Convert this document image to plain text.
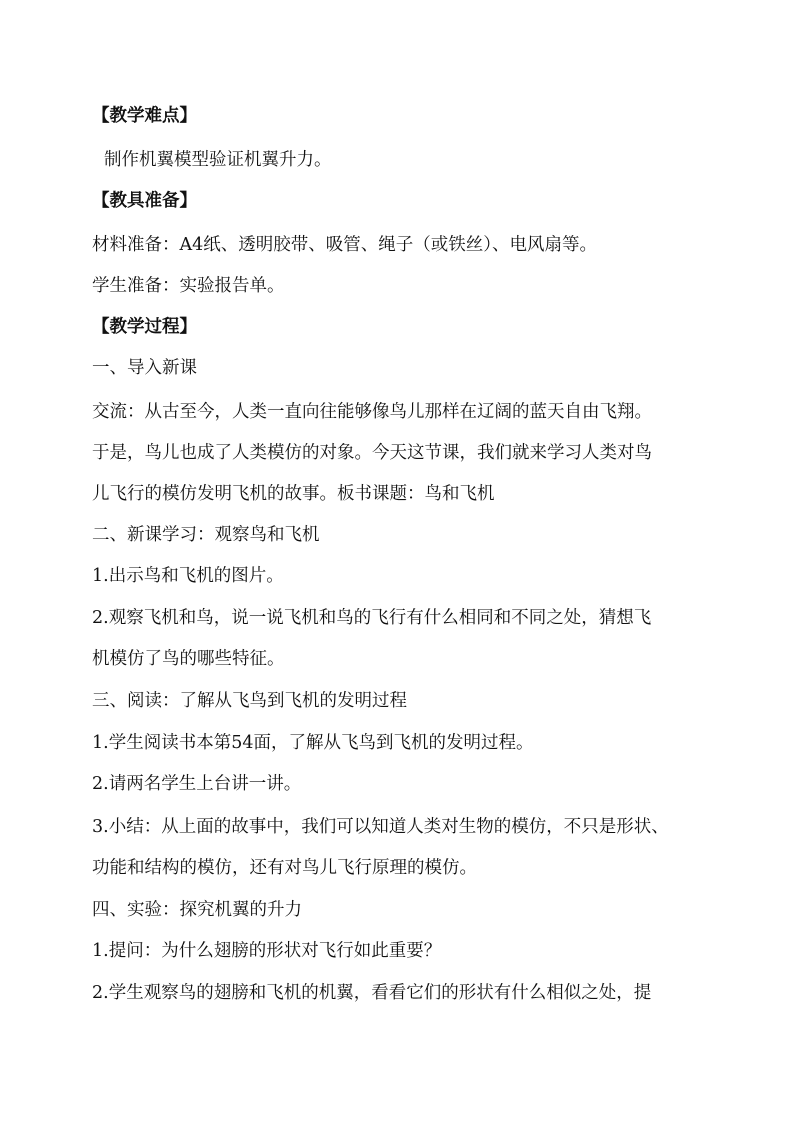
【教学难点】
制作机翼模型验证机翼升力。
【教具准备】
材料准备：A4纸、透明胶带、吸管、绳子（或铁丝）、电风扇等。
学生准备：实验报告单。
【教学过程】
一、导入新课
交流：从古至今，人类一直向往能够像鸟儿那样在辽阔的蓝天自由飞翔。
于是，鸟儿也成了人类模仿的对象。今天这节课，我们就来学习人类对鸟
儿飞行的模仿发明飞机的故事。板书课题：鸟和飞机
二、新课学习：观察鸟和飞机
1.出示鸟和飞机的图片。
2.观察飞机和鸟，说一说飞机和鸟的飞行有什么相同和不同之处，猜想飞
机模仿了鸟的哪些特征。
三、阅读：了解从飞鸟到飞机的发明过程
1.学生阅读书本第54面，了解从飞鸟到飞机的发明过程。
2.请两名学生上台讲一讲。
3.小结：从上面的故事中，我们可以知道人类对生物的模仿，不只是形状、
功能和结构的模仿，还有对鸟儿飞行原理的模仿。
四、实验：探究机翼的升力
1.提问：为什么翅膀的形状对飞行如此重要？
2.学生观察鸟的翅膀和飞机的机翼，看看它们的形状有什么相似之处，提
